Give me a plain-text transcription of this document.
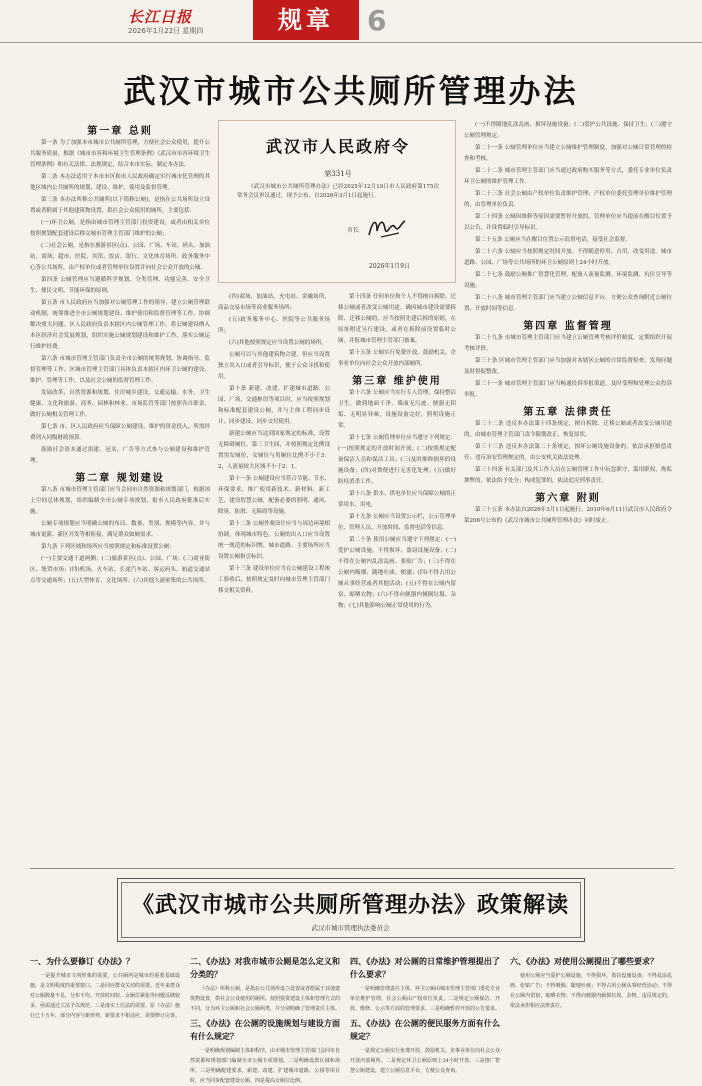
长江日报
2026年1月22日 星期四	规章	6
武汉市城市公共厕所管理办法

第一章 总则

第一条 为了加强本市城市公共厕所管理，方便社会公众使用，提升公共服务质量，根据《城市市容和环境卫生管理条例》《武汉市市容环境卫生管理条例》和有关法律、法规规定，结合本市实际，制定本办法。

第二条 本办法适用于本市市区和市人民政府确定实行城市化管理的其他区域内公共厕所的规划、建设、维护、使用及监督管理。

第三条 本办法所称公共厕所(以下简称公厕)，是指在公共场所设立设置或者附属于其他建筑物设置，供社会公众使用的厕所。主要包括：

(一)环卫公厕，是指由城市管理主管部门投资建设，或者由相关单位按照规划配套建设后移交城市管理主管部门维护的公厕；

(二)社会公厕，是指在旅游景区(点)、公园、广场、车站、码头、加油站、商场、超市、医院、宾馆、饭店、银行、文化体育场所、政务服务中心等公共场所，由产权单位或者管理单位设置并向社会公众开放的公厕。

第四条 公厕管理应当遵循科学规划、分类管理、功能完善、安全卫生、便民文明、节能环保的原则。

第五条 市人民政府应当加强对公厕管理工作的领导，建立公厕管理联动机制，统筹推进全市公厕规划建设、维护使用和监督管理等工作，协调解决重大问题。区人民政府负责本辖区内公厕管理工作，将公厕建设纳入本区经济社会发展规划，组织实施公厕规划建设和维护工作，落实公厕运行维护经费。

第六条 市城市管理主管部门负责全市公厕的统筹规划、协调指导、监督管理等工作。区城市管理主管部门具体负责本辖区内环卫公厕的建设、维护、管理等工作，以及社会公厕的监督管理工作。

发展改革、自然资源和规划、住房城乡建设、交通运输、水务、卫生健康、文化和旅游、商务、园林和林业、市场监管等部门按照各自职责，做好公厕相关管理工作。

第七条 市、区人民政府应当保障公厕建设、维护的资金投入，所需经费列入同级财政预算。

鼓励社会资本通过捐建、冠名、广告等方式参与公厕建设和维护管理。

第二章 规划建设

第八条 市城市管理主管部门应当会同市自然资源和规划部门，根据国土空间总体规划，组织编制全市公厕专项规划，报市人民政府批准后实施。

公厕专项规划应当明确公厕的布局、数量、类别、规模等内容，并与城市更新、新区开发等相衔接，满足群众如厕需求。

第九条 下列区域和场所应当按照规定和标准设置公厕：

(一)主要交通干道两侧；(二)旅游景区(点)、公园、广场；(三)商业街区、集贸市场；(四)机场、火车站、长途汽车站、客运码头、轨道交通站点等交通场所；(五)大型体育、文化场所；(六)其他人流密集的公共场所。

武汉市人民政府令
第331号
《武汉市城市公共厕所管理办法》已经2025年12月19日市人民政府第175次常务会议审议通过，现予公布，自2026年3月1日起施行。
市长
2026年1月9日

(四)商场、加油站、充电站、金融场所、商品交易市场等商业服务场所；

(五)政务服务中心、医院等公共服务场所；

(六)其他按照规定应当设置公厕的场所。

公厕可以与其他建筑物合建，但应当设置独立出入口或者引导标识，便于公众寻找和使用。

第十条 新建、改建、扩建城市道路、公园、广场、交通枢纽等项目时，应当按照规划和标准配套建设公厕，并与主体工程同步设计、同步建设、同步交付使用。

新建公厕应当达到国家规定的标准，设置无障碍厕位、第三卫生间，并按照规定比例设置男女厕位，女厕位与男厕位比例不小于3：2，人流量较大区域不小于2：1。

第十一条 公厕建设应当符合节能、节水、环保要求，推广使用新技术、新材料、新工艺，建设智慧公厕，配备必要的照明、通风、除臭、防滑、无障碍等设施。

第十二条 公厕外观设计应当与周边环境相协调，体现城市特色。公厕的出入口应当设置统一规范的标识牌，城市道路、主要场所应当设置公厕指引标识。

第十三条 建设单位应当在公厕建设工程竣工验收后，按照规定及时向城市管理主管部门移交相关资料。

第十四条 任何单位和个人不得擅自拆除、迁移公厕或者改变公厕用途。确因城市建设需要拆除、迁移公厕的，应当按照先建后拆的原则，在原址附近另行建设，或者在拆除前设置临时公厕，并报城市管理主管部门备案。

第十五条 公厕实行免费开放。鼓励机关、企事业单位向社会公众开放内部厕所。

第三章 维护使用

第十六条 公厕应当实行专人管理，保持整洁卫生，做到地面干净、墙面无污迹、便器无积垢、无明显异味，设施设备完好，照明设施正常。

第十七条 公厕管理单位应当遵守下列规定：(一)按照规定的开放时间开放；(二)按照规定配备保洁人员和保洁工具；(三)及时维修损坏的设施设备；(四)对粪便进行无害化处理；(五)做好防疫消杀工作。

第十八条 供水、供电单位应当保障公厕的正常用水、用电。

第十九条 公厕应当设置公示栏，公示管理单位、管理人员、开放时间、监督电话等信息。

第二十条 使用公厕应当遵守下列规定：(一)爱护公厕设施，不得损坏、盗窃设施设备；(二)不得在公厕内乱涂乱画、张贴广告；(三)不得在公厕内吸烟、随地吐痰、便溺；(四)不得占用公厕从事经营或者其他活动；(五)不得在公厕内留宿、晾晒衣物；(六)不得向便器内倾倒垃圾、杂物；(七)其他影响公厕正常使用的行为。

(一)不得随地乱涂乱画、损坏设施设备；(二)爱护公共设施、保持卫生；(三)遵守公厕管理规定。

第二十一条 公厕管理单位应当建立公厕维护管理制度，加强对公厕日常管理的检查和考核。

第二十二条 城市管理主管部门应当通过政府购买服务等方式，委托专业单位负责环卫公厕的维护管理工作。

第二十三条 社会公厕由产权单位负责维护管理；产权单位委托管理单位维护管理的，由管理单位负责。

第二十四条 公厕因维修等原因需要暂停开放的，管理单位应当提前在醒目位置予以公告，并设置临时引导标识。

第二十五条 公厕应当在醒目位置公示监督电话，接受社会监督。

第二十六条 公厕应当按照规定时间开放。不得随意停用、占用、改变用途。城市道路、公园、广场等公共场所的环卫公厕原则上24小时开放。

第二十七条 鼓励公厕推广智慧化管理，配备人流量监测、环境监测、坑位引导等设施。

第二十八条 城市管理主管部门应当建立公厕信息平台，方便公众查询附近公厕位置、开放时间等信息。

第四章 监督管理

第二十九条 市城市管理主管部门应当建立公厕管理考核评价制度，定期组织开展考核评价。

第三十条 区城市管理主管部门应当加强对本辖区公厕的日常监督检查，发现问题及时督促整改。

第三十一条 城市管理主管部门应当畅通投诉举报渠道，及时受理和处理公众投诉举报。

第五章 法律责任

第三十二条 违反本办法第十四条规定，擅自拆除、迁移公厕或者改变公厕用途的，由城市管理主管部门责令限期改正，恢复原状。

第三十三条 违反本办法第二十条规定，损坏公厕设施设备的，依法承担赔偿责任；违反治安管理规定的，由公安机关依法处理。

第三十四条 有关部门及其工作人员在公厕管理工作中玩忽职守、滥用职权、徇私舞弊的，依法给予处分；构成犯罪的，依法追究刑事责任。

第六章 附则

第三十五条 本办法自2026年3月1日起施行。2010年6月11日武汉市人民政府令第206号公布的《武汉市城市公共厕所管理办法》同时废止。

《武汉市城市公共厕所管理办法》政策解读
武汉市城市管理执法委员会

一、为什么要修订《办法》？

一是提升城市文明形象的需要。公共厕所是城市的重要基础设施，是文明程度的重要窗口。二是回应群众关切的需要。近年来群众对公厕数量不足、分布不均、开放时间短、女厕位紧张等问题反映较多，亟需通过立法予以规范。三是落实上位法的需要。原《办法》施行已十五年，部分内容与新形势、新要求不相适应，需要修订完善。

二、《办法》对我市城市公厕是怎么定义和分类的？

《办法》所称公厕，是指在公共场所设立设置或者附属于其他建筑物设置，供社会公众使用的厕所。按照投资建设主体和管理方式的不同，分为环卫公厕和社会公厕两类，并分别明确了管理责任主体。

三、《办法》在公厕的设施规划与建设方面有什么规定？

一是明确规划编制主体和程序，由市城市管理主管部门会同市自然资源和规划部门编制全市公厕专项规划。二是明确设置区域和场所。三是明确配建要求，新建、改建、扩建城市道路、公园等项目时，应当同步配套建设公厕。四是提高女厕位比例。

四、《办法》对公厕的日常维护管理提出了什么要求？

一是明确管理责任主体，环卫公厕由城市管理主管部门委托专业单位维护管理，社会公厕由产权单位负责。二是规定公厕保洁、开放、维修、公示等方面的管理要求。三是明确暂停开放的公告要求。

五、《办法》在公厕的便民服务方面有什么规定？

一是规定公厕实行免费开放，鼓励机关、企事业单位向社会公众开放内部厕所。二是规定环卫公厕原则上24小时开放。三是推广智慧公厕建设，建立公厕信息平台，方便公众查询。

六、《办法》对使用公厕提出了哪些要求？

使用公厕应当爱护公厕设施，不得损坏、盗窃设施设备；不得乱涂乱画、张贴广告；不得吸烟、随地吐痰；不得占用公厕从事经营活动；不得在公厕内留宿、晾晒衣物；不得向便器内倾倒垃圾、杂物。违反规定的，依法承担相应法律责任。
